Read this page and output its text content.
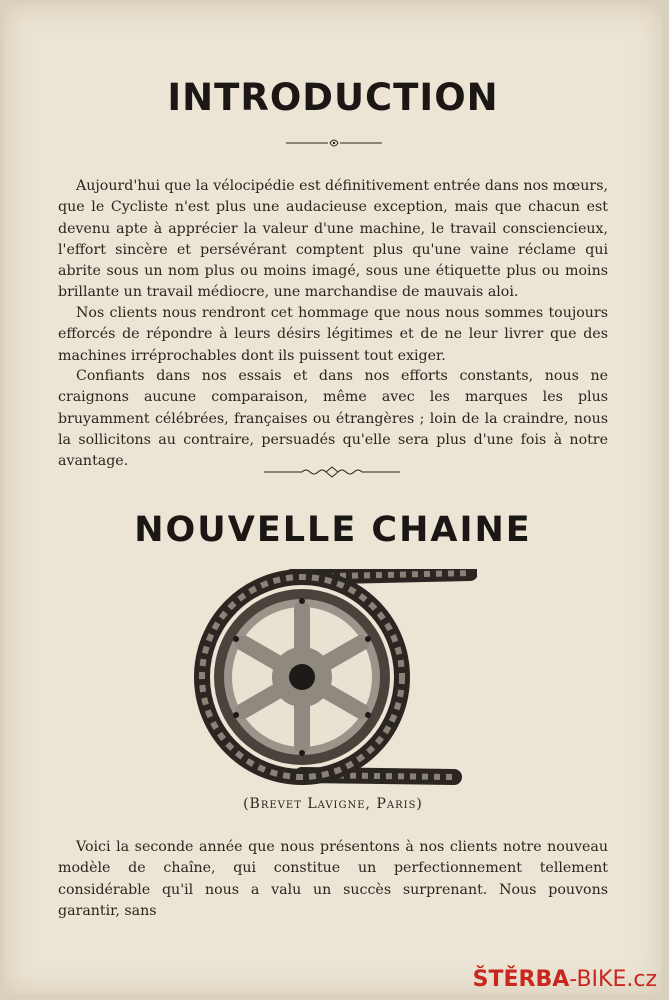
INTRODUCTION

Aujourd'hui que la vélocipédie est définitivement entrée dans nos mœurs, que le Cycliste n'est plus une audacieuse exception, mais que chacun est devenu apte à apprécier la valeur d'une machine, le travail consciencieux, l'effort sincère et persévérant comptent plus qu'une vaine réclame qui abrite sous un nom plus ou moins imagé, sous une étiquette plus ou moins brillante un travail médiocre, une marchandise de mauvais aloi.

Nos clients nous rendront cet hommage que nous nous sommes toujours efforcés de répondre à leurs désirs légitimes et de ne leur livrer que des machines irréprochables dont ils puissent tout exiger.

Confiants dans nos essais et dans nos efforts constants, nous ne craignons aucune comparaison, même avec les marques les plus bruyamment célébrées, françaises ou étrangères ; loin de la craindre, nous la sollicitons au contraire, persuadés qu'elle sera plus d'une fois à notre avantage.

NOUVELLE CHAINE
(Brevet Lavigne, Paris)

Voici la seconde année que nous présentons à nos clients notre nouveau modèle de chaîne, qui constitue un perfectionnement tellement considérable qu'il nous a valu un succès surprenant. Nous pouvons garantir, sans

ŠTĚRBA-BIKE.cz
